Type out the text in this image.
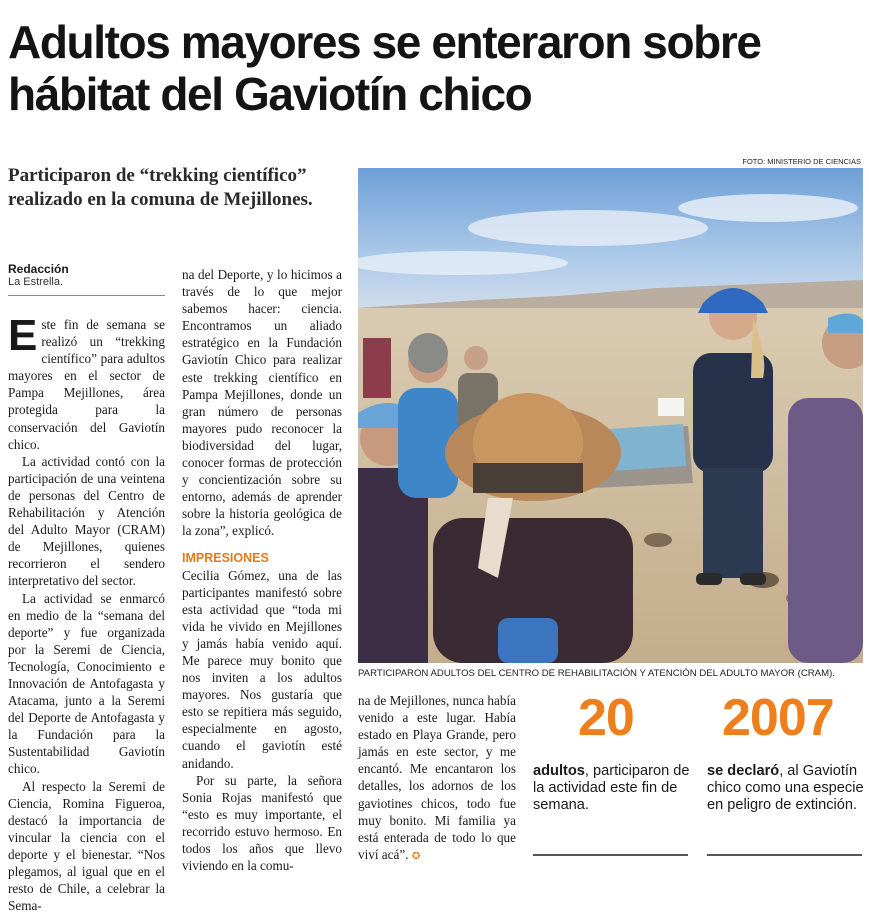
Adultos mayores se enteraron sobre hábitat del Gaviotín chico
Participaron de “trekking científico” realizado en la comuna de Mejillones.
Redacción
La Estrella.

Este fin de semana se realizó un “trekking científico” para adultos mayores en el sector de Pampa Mejillones, área protegida para la conservación del Gaviotín chico.

La actividad contó con la participación de una veintena de personas del Centro de Rehabilitación y Atención del Adulto Mayor (CRAM) de Mejillones, quienes recorrieron el sendero interpretativo del sector.

La actividad se enmarcó en medio de la “semana del deporte” y fue organizada por la Seremi de Ciencia, Tecnología, Conocimiento e Innovación de Antofagasta y Atacama, junto a la Seremi del Deporte de Antofagasta y la Fundación para la Sustentabilidad Gaviotín chico.

Al respecto la Seremi de Ciencia, Romina Figueroa, destacó la importancia de vincular la ciencia con el deporte y el bienestar. “Nos plegamos, al igual que en el resto de Chile, a celebrar la Sema-

na del Deporte, y lo hicimos a través de lo que mejor sabemos hacer: ciencia. Encontramos un aliado estratégico en la Fundación Gaviotín Chico para realizar este trekking científico en Pampa Mejillones, donde un gran número de personas mayores pudo reconocer la biodiversidad del lugar, conocer formas de protección y concientización sobre su entorno, además de aprender sobre la historia geológica de la zona”, explicó.

IMPRESIONES

Cecilia Gómez, una de las participantes manifestó sobre esta actividad que “toda mi vida he vivido en Mejillones y jamás había venido aquí. Me parece muy bonito que nos inviten a los adultos mayores. Nos gustaría que esto se repitiera más seguido, especialmente en agosto, cuando el gaviotín esté anidando.

Por su parte, la señora Sonia Rojas manifestó que “esto es muy importante, el recorrido estuvo hermoso. En todos los años que llevo viviendo en la comu-

FOTO: MINISTERIO DE CIENCIAS
PARTICIPARON ADULTOS DEL CENTRO DE REHABILITACIÓN Y ATENCIÓN DEL ADULTO MAYOR (CRAM).

na de Mejillones, nunca había venido a este lugar. Había estado en Playa Grande, pero jamás en este sector, y me encantó. Me encantaron los detalles, los adornos de los gaviotines chicos, todo fue muy bonito. Mi familia ya está enterada de todo lo que viví acá”. ✪

20
adultos, participaron de la actividad este fin de semana.
2007
se declaró, al Gaviotín chico como una especie en peligro de extinción.
